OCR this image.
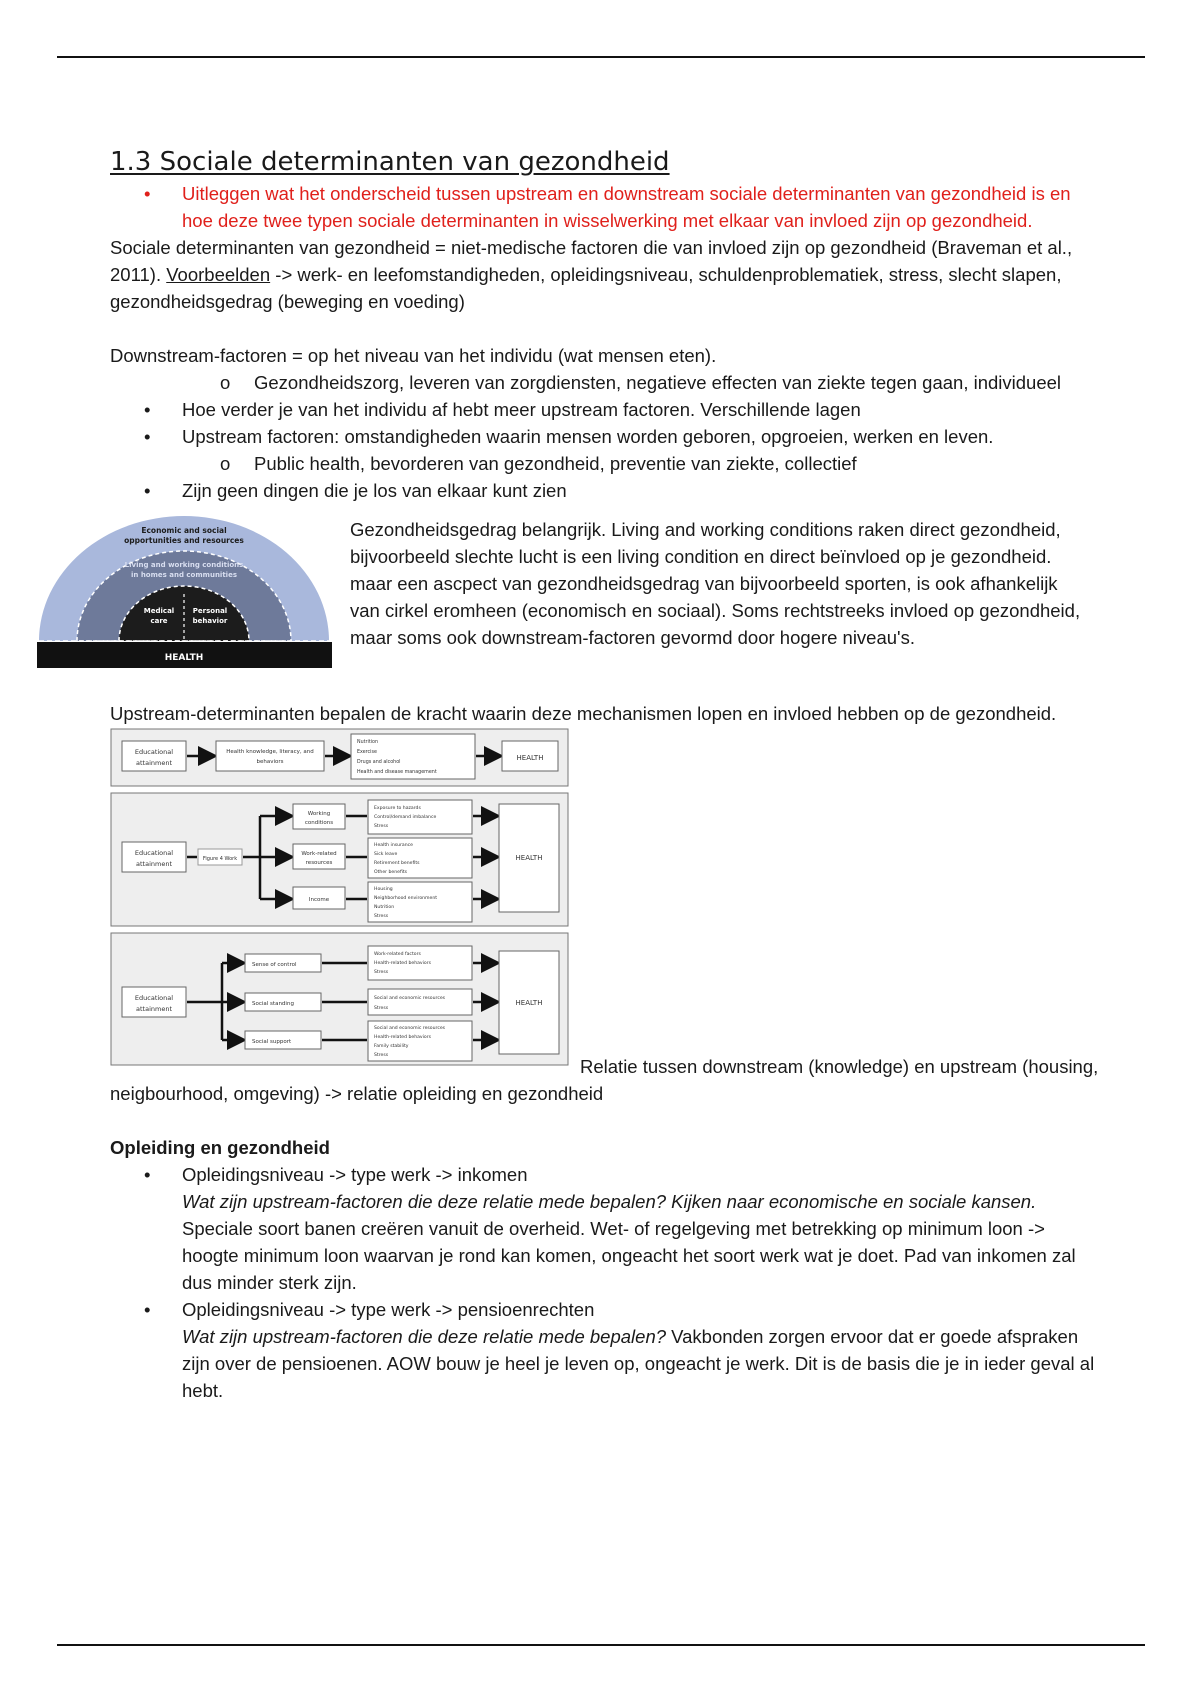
1.3 Sociale determinanten van gezondheid
• Uitleggen wat het onderscheid tussen upstream en downstream sociale determinanten van gezondheid is en hoe deze twee typen sociale determinanten in wisselwerking met elkaar van invloed zijn op gezondheid.

Sociale determinanten van gezondheid = niet-medische factoren die van invloed zijn op gezondheid (Braveman et al., 2011). Voorbeelden -> werk- en leefomstandigheden, opleidingsniveau, schuldenproblematiek, stress, slecht slapen, gezondheidsgedrag (beweging en voeding)

Downstream-factoren = op het niveau van het individu (wat mensen eten).

o Gezondheidszorg, leveren van zorgdiensten, negatieve effecten van ziekte tegen gaan, individueel
• Hoe verder je van het individu af hebt meer upstream factoren. Verschillende lagen
• Upstream factoren: omstandigheden waarin mensen worden geboren, opgroeien, werken en leven.
o Public health, bevorderen van gezondheid, preventie van ziekte, collectief
• Zijn geen dingen die je los van elkaar kunt zien
Economic and social
opportunities and resources
Living and working conditions
in homes and communities
Medical
care
Personal
behavior
HEALTH

Gezondheidsgedrag belangrijk. Living and working conditions raken direct gezondheid, bijvoorbeeld slechte lucht is een living condition en direct beïnvloed op je gezondheid. maar een ascpect van gezondheidsgedrag van bijvoorbeeld sporten, is ook afhankelijk van cirkel eromheen (economisch en sociaal). Soms rechtstreeks invloed op gezondheid, maar soms ook downstream-factoren gevormd door hogere niveau's.

Upstream-determinanten bepalen de kracht waarin deze mechanismen lopen en invloed hebben op de gezondheid.

Educational
attainment
Health knowledge, literacy, and
behaviors
Nutrition
Exercise
Drugs and alcohol
Health and disease management
HEALTH
Educational
attainment
Figure 4 Work
Working
conditions
Work-related
resources
Income
Exposure to hazards
Control/demand imbalance
Stress
Health insurance
Sick leave
Retirement benefits
Other benefits
Housing
Neighborhood environment
Nutrition
Stress
HEALTH
Educational
attainment
Sense of control
Social standing
Social support
Work-related factors
Health-related behaviors
Stress
Social and economic resources
Stress
Social and economic resources
Health-related behaviors
Family stability
Stress
HEALTH

Relatie tussen downstream (knowledge) en upstream (housing, neigbourhood, omgeving) -> relatie opleiding en gezondheid

Opleiding en gezondheid

• Opleidingsniveau -> type werk -> inkomen
Wat zijn upstream-factoren die deze relatie mede bepalen? Kijken naar economische en sociale kansen. Speciale soort banen creëren vanuit de overheid. Wet- of regelgeving met betrekking op minimum loon -> hoogte minimum loon waarvan je rond kan komen, ongeacht het soort werk wat je doet. Pad van inkomen zal dus minder sterk zijn.
• Opleidingsniveau -> type werk -> pensioenrechten
Wat zijn upstream-factoren die deze relatie mede bepalen? Vakbonden zorgen ervoor dat er goede afspraken zijn over de pensioenen. AOW bouw je heel je leven op, ongeacht je werk. Dit is de basis die je in ieder geval al hebt.
